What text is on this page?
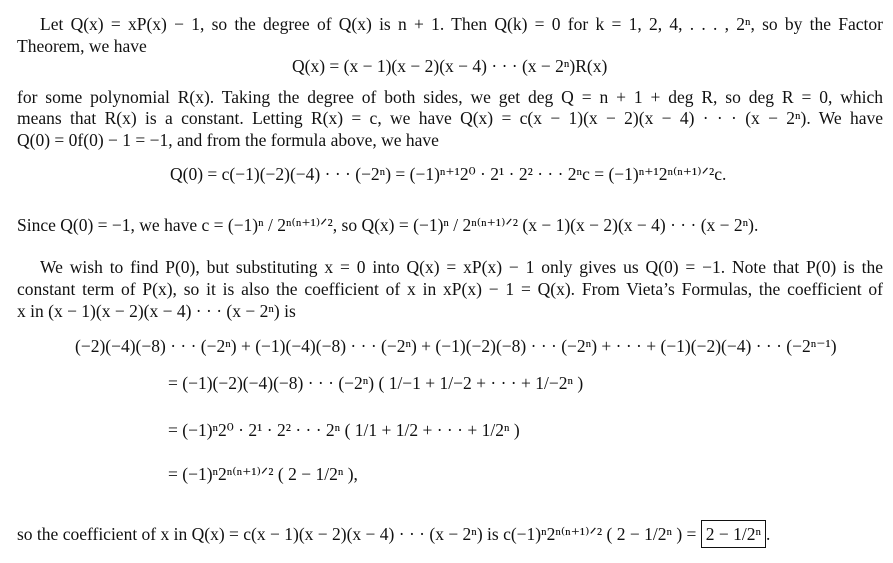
Let Q(x) = xP(x) − 1, so the degree of Q(x) is n + 1. Then Q(k) = 0 for k = 1, 2, 4, . . . , 2ⁿ, so by the Factor
Theorem, we have
Q(x) = (x − 1)(x − 2)(x − 4) · · · (x − 2ⁿ)R(x)
for some polynomial R(x). Taking the degree of both sides, we get deg Q = n + 1 + deg R, so deg R = 0, which
means that R(x) is a constant. Letting R(x) = c, we have Q(x) = c(x − 1)(x − 2)(x − 4) · · · (x − 2ⁿ). We have
Q(0) = 0f(0) − 1 = −1, and from the formula above, we have
Q(0) = c(−1)(−2)(−4) · · · (−2ⁿ) = (−1)ⁿ⁺¹2⁰ · 2¹ · 2² · · · 2ⁿc = (−1)ⁿ⁺¹2ⁿ⁽ⁿ⁺¹⁾ᐟ²c.
Since Q(0) = −1, we have c = (−1)ⁿ / 2ⁿ⁽ⁿ⁺¹⁾ᐟ², so Q(x) = (−1)ⁿ / 2ⁿ⁽ⁿ⁺¹⁾ᐟ² (x − 1)(x − 2)(x − 4) · · · (x − 2ⁿ).
We wish to find P(0), but substituting x = 0 into Q(x) = xP(x) − 1 only gives us Q(0) = −1. Note that P(0) is the
constant term of P(x), so it is also the coefficient of x in xP(x) − 1 = Q(x). From Vieta’s Formulas, the coefficient of
x in (x − 1)(x − 2)(x − 4) · · · (x − 2ⁿ) is
(−2)(−4)(−8) · · · (−2ⁿ) + (−1)(−4)(−8) · · · (−2ⁿ) + (−1)(−2)(−8) · · · (−2ⁿ) + · · · + (−1)(−2)(−4) · · · (−2ⁿ⁻¹)
= (−1)(−2)(−4)(−8) · · · (−2ⁿ) ( 1/−1 + 1/−2 + · · · + 1/−2ⁿ )
= (−1)ⁿ2⁰ · 2¹ · 2² · · · 2ⁿ ( 1/1 + 1/2 + · · · + 1/2ⁿ )
= (−1)ⁿ2ⁿ⁽ⁿ⁺¹⁾ᐟ² ( 2 − 1/2ⁿ ),
so the coefficient of x in Q(x) = c(x − 1)(x − 2)(x − 4) · · · (x − 2ⁿ) is c(−1)ⁿ2ⁿ⁽ⁿ⁺¹⁾ᐟ² ( 2 − 1/2ⁿ ) = 2 − 1/2ⁿ .
